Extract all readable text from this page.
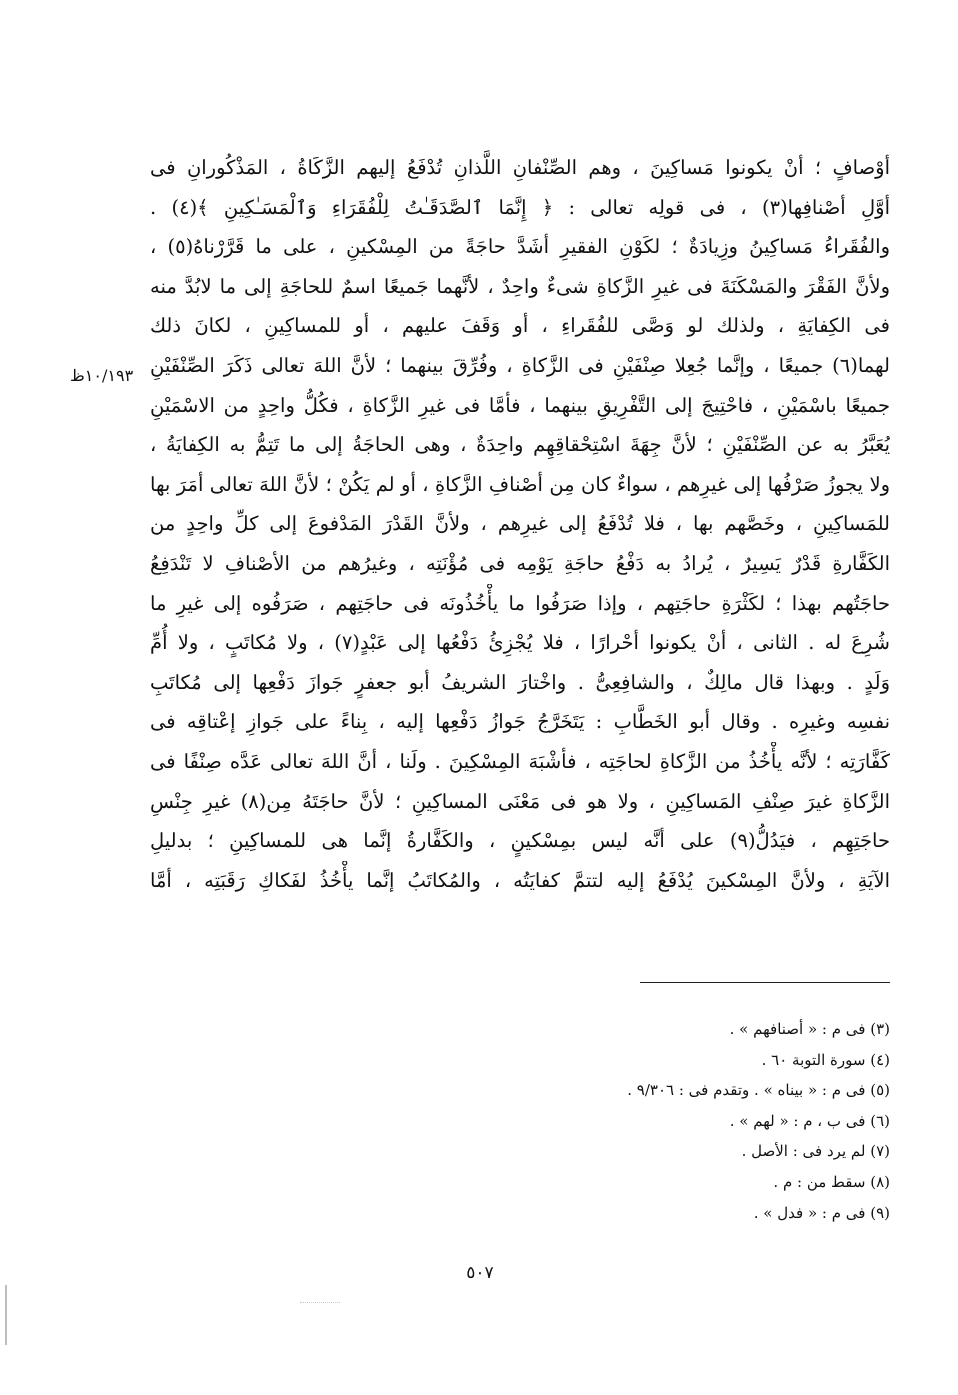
أوْصافٍ ؛ أنْ يكونوا مَساكِينَ ، وهم الصِّنْفانِ اللَّذانِ تُدْفَعُ إليهم الزَّكَاةُ ، المَذْكُورانِ فى
أوَّلِ أصْنافِها(٣) ، فى قولِه تعالى : ﴿ إِنَّمَا ٱلصَّدَقَـٰتُ لِلْفُقَرَاءِ وَٱلْمَسَـٰكِينِ ﴾(٤) .
والفُقَراءُ مَساكِينُ وزِيادَةٌ ؛ لكَوْنِ الفقيرِ أشَدَّ حاجَةً من المِسْكينِ ، على ما قَرَّرْناهُ(٥) ،
ولأنَّ الفَقْرَ والمَسْكَنَةَ فى غيرِ الزَّكاةِ شىءٌ واحِدٌ ، لأنَّهما جَميعًا اسمٌ للحاجَةِ إلى ما لابُدَّ منه
فى الكِفايَةِ ، ولذلك لو وَصَّى للفُقَراءِ ، أو وَقَفَ عليهم ، أو للمساكِينِ ، لكانَ ذلك
لهما(٦) جميعًا ، وإنَّما جُعِلا صِنْفَيْنِ فى الزَّكاةِ ، وفُرِّقَ بينهما ؛ لأنَّ اللهَ تعالى ذَكَرَ الصِّنْفَيْنِ
جميعًا باسْمَيْنِ ، فاحْتِيجَ إلى التَّفْرِيقِ بينهما ، فأمَّا فى غيرِ الزَّكاةِ ، فكُلُّ واحِدٍ من الاسْمَيْنِ
يُعَبَّرُ به عن الصِّنْفَيْنِ ؛ لأنَّ جِهَةَ اسْتِحْقاقِهِم واحِدَةٌ ، وهى الحاجَةُ إلى ما تَتِمُّ به الكِفايَةُ ،
ولا يجوزُ صَرْفُها إلى غيرِهم ، سواءٌ كان مِن أصْنافِ الزَّكاةِ ، أو لم يَكُنْ ؛ لأنَّ اللهَ تعالى أمَرَ بها
للمَساكِينِ ، وخَصَّهم بها ، فلا تُدْفَعُ إلى غيرِهم ، ولأنَّ القَدْرَ المَدْفوعَ إلى كلِّ واحِدٍ من
الكَفَّارةِ قَدْرٌ يَسِيرٌ ، يُرادُ به دَفْعُ حاجَةِ يَوْمِه فى مُؤْنَتِه ، وغيرُهم من الأصْنافِ لا تَنْدَفِعُ
حاجَتُهم بهذا ؛ لكَثْرَةِ حاجَتِهم ، وإذا صَرَفُوا ما يأْخُذُونَه فى حاجَتِهم ، صَرَفُوه إلى غيرِ ما
شُرِعَ له . الثانى ، أنْ يكونوا أحْرارًا ، فلا يُجْزِئُ دَفْعُها إلى عَبْدٍ(٧) ، ولا مُكاتَبٍ ، ولا أُمِّ
وَلَدٍ . وبهذا قال مالِكٌ ، والشافِعِىُّ . واخْتارَ الشريفُ أبو جعفرٍ جَوازَ دَفْعِها إلى مُكاتَبِ
نفسِه وغيرِه . وقال أبو الخَطَّابِ : يَتَخَرَّجُ جَوازُ دَفْعِها إليه ، بِناءً على جَوازِ إعْتاقِه فى
كَفَّارَتِه ؛ لأنَّه يأْخُذُ من الزَّكاةِ لحاجَتِه ، فأشْبَهَ المِسْكِينَ . ولَنا ، أنَّ اللهَ تعالى عَدَّه صِنْفًا فى
الزَّكاةِ غيرَ صِنْفِ المَساكِينِ ، ولا هو فى مَعْنَى المساكِينِ ؛ لأنَّ حاجَتَهُ مِن(٨) غيرِ جِنْسِ
حاجَتِهِم ، فيَدُلُّ(٩) على أنَّه ليس بمِسْكينٍ ، والكَفَّارةُ إنَّما هى للمساكِينِ ؛ بدليلِ
الآيَةِ ، ولأنَّ المِسْكينَ يُدْفَعُ إليه لتتمَّ كفايَتُه ، والمُكاتَبُ إنَّما يأْخُذُ لفَكاكِ رَقَبَتِه ، أمَّا
١٠/١٩٣ظ
(٣) فى م : « أصنافهم » .
(٤) سورة التوبة ٦٠ .
(٥) فى م : « بيناه » . وتقدم فى : ٩/٣٠٦ .
(٦) فى ب ، م : « لهم » .
(٧) لم يرد فى : الأصل .
(٨) سقط من : م .
(٩) فى م : « فدل » .
٥٠٧
